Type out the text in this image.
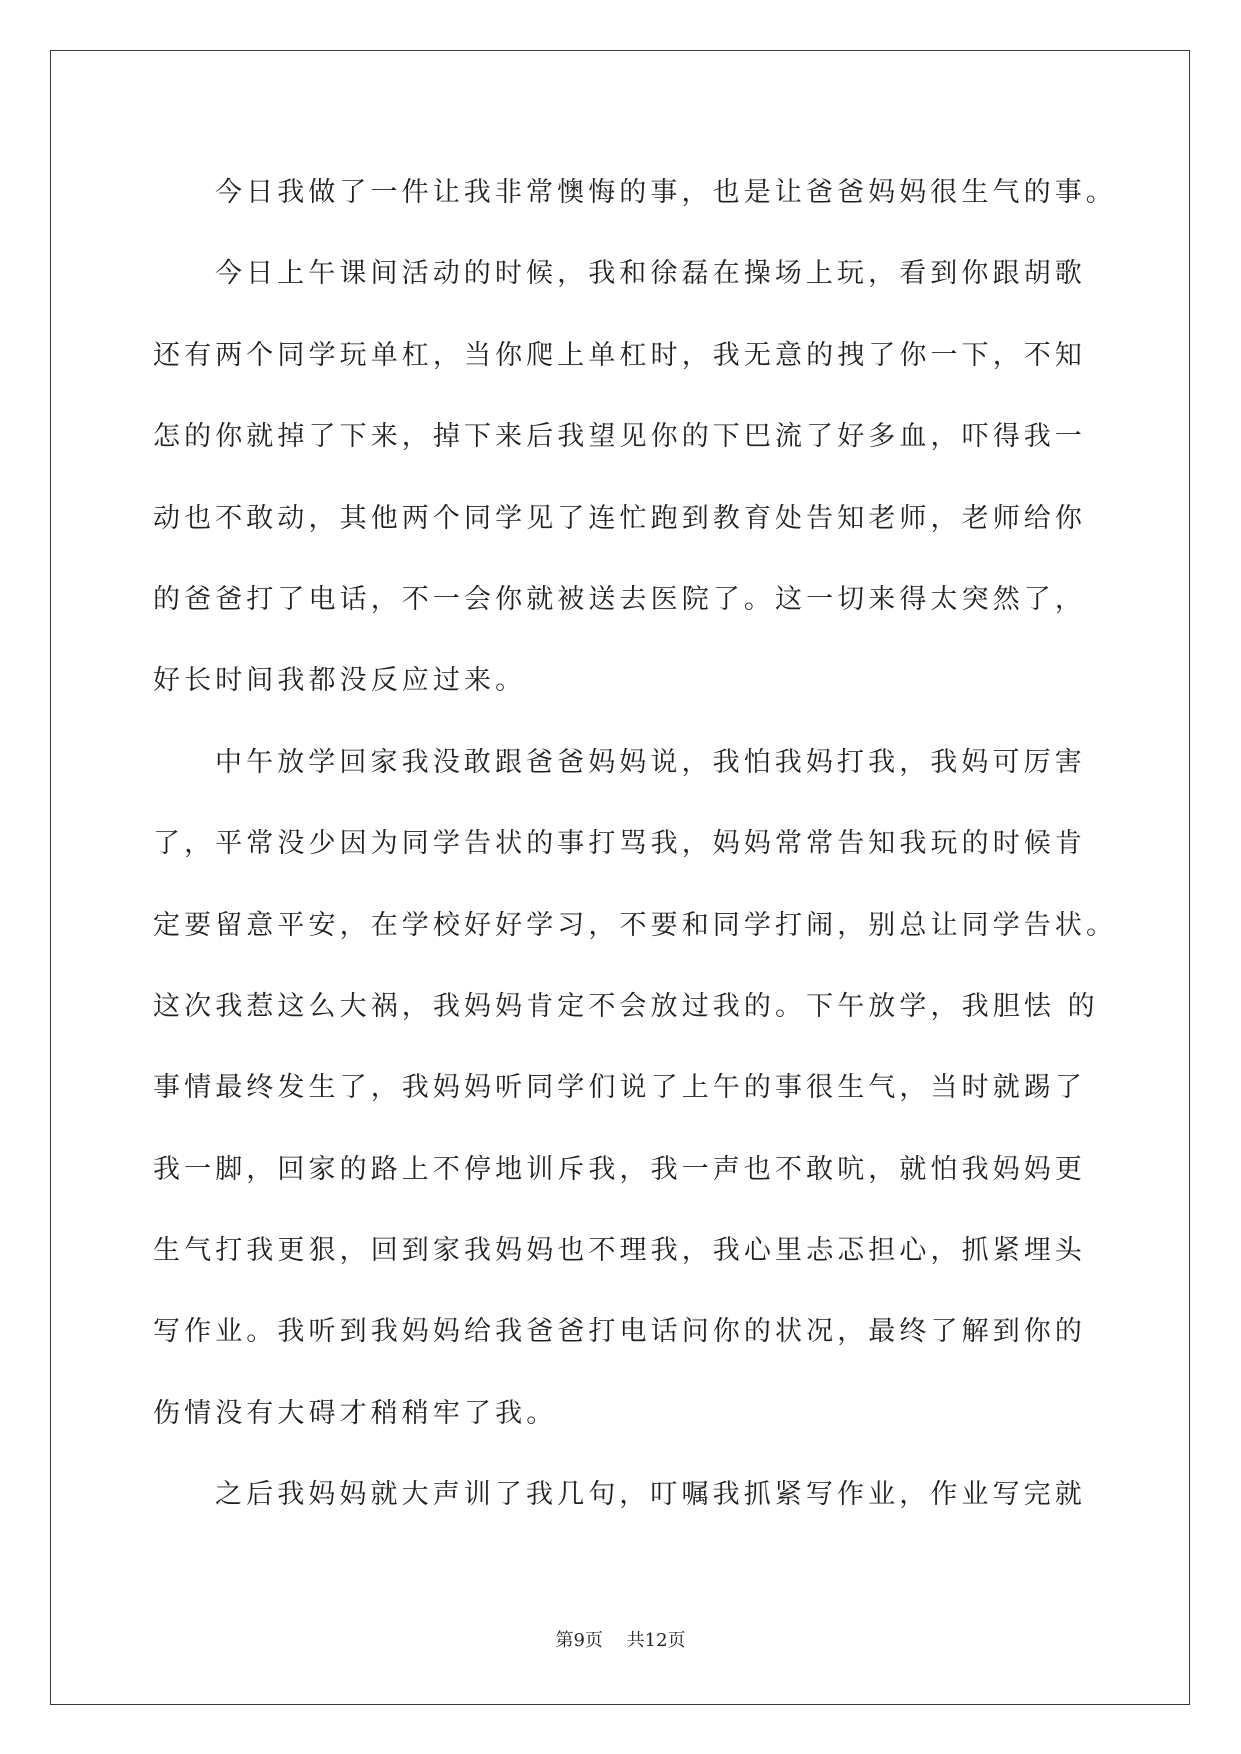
今日我做了一件让我非常懊悔的事，也是让爸爸妈妈很生气的事。
今日上午课间活动的时候，我和徐磊在操场上玩，看到你跟胡歌
还有两个同学玩单杠，当你爬上单杠时，我无意的拽了你一下，不知
怎的你就掉了下来，掉下来后我望见你的下巴流了好多血，吓得我一
动也不敢动，其他两个同学见了连忙跑到教育处告知老师，老师给你
的爸爸打了电话，不一会你就被送去医院了。这一切来得太突然了，
好长时间我都没反应过来。
中午放学回家我没敢跟爸爸妈妈说，我怕我妈打我，我妈可厉害
了，平常没少因为同学告状的事打骂我，妈妈常常告知我玩的时候肯
定要留意平安，在学校好好学习，不要和同学打闹，别总让同学告状。
这次我惹这么大祸，我妈妈肯定不会放过我的。下午放学，我胆怯 的
事情最终发生了，我妈妈听同学们说了上午的事很生气，当时就踢了
我一脚，回家的路上不停地训斥我，我一声也不敢吭，就怕我妈妈更
生气打我更狠，回到家我妈妈也不理我，我心里忐忑担心，抓紧埋头
写作业。我听到我妈妈给我爸爸打电话问你的状况，最终了解到你的
伤情没有大碍才稍稍牢了我。
之后我妈妈就大声训了我几句，叮嘱我抓紧写作业，作业写完就
第9页 共12页
